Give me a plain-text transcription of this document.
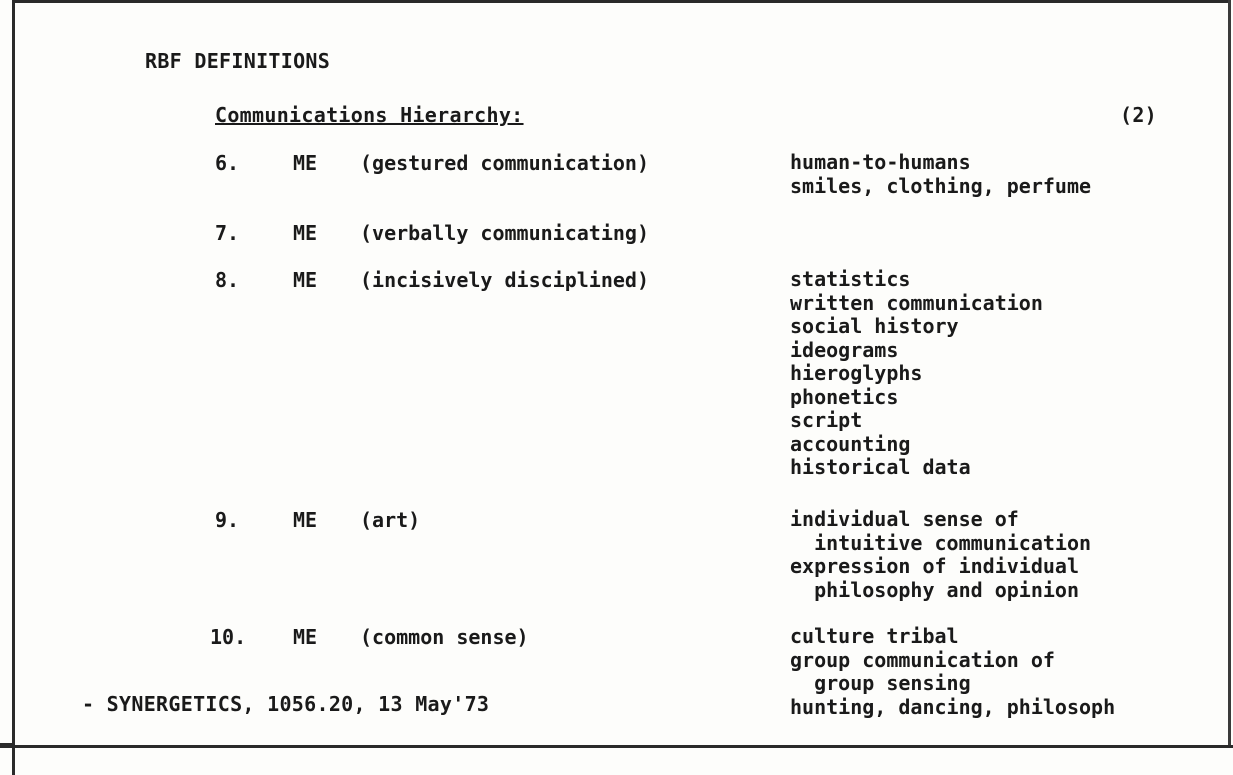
RBF DEFINITIONS
Communications Hierarchy:	(2)
6.	ME (gestured communication)	human-to-humans
smiles, clothing, perfume
7.	ME (verbally communicating)
8.	ME (incisively disciplined)	statistics
written communication
social history
ideograms
hieroglyphs
phonetics
script
accounting
historical data
9.	ME (art)	individual sense of
intuitive communication
expression of individual
philosophy and opinion
10. ME (common sense)	culture tribal
group communication of
group sensing
hunting, dancing, philosoph
- SYNERGETICS, 1056.20, 13 May'73
